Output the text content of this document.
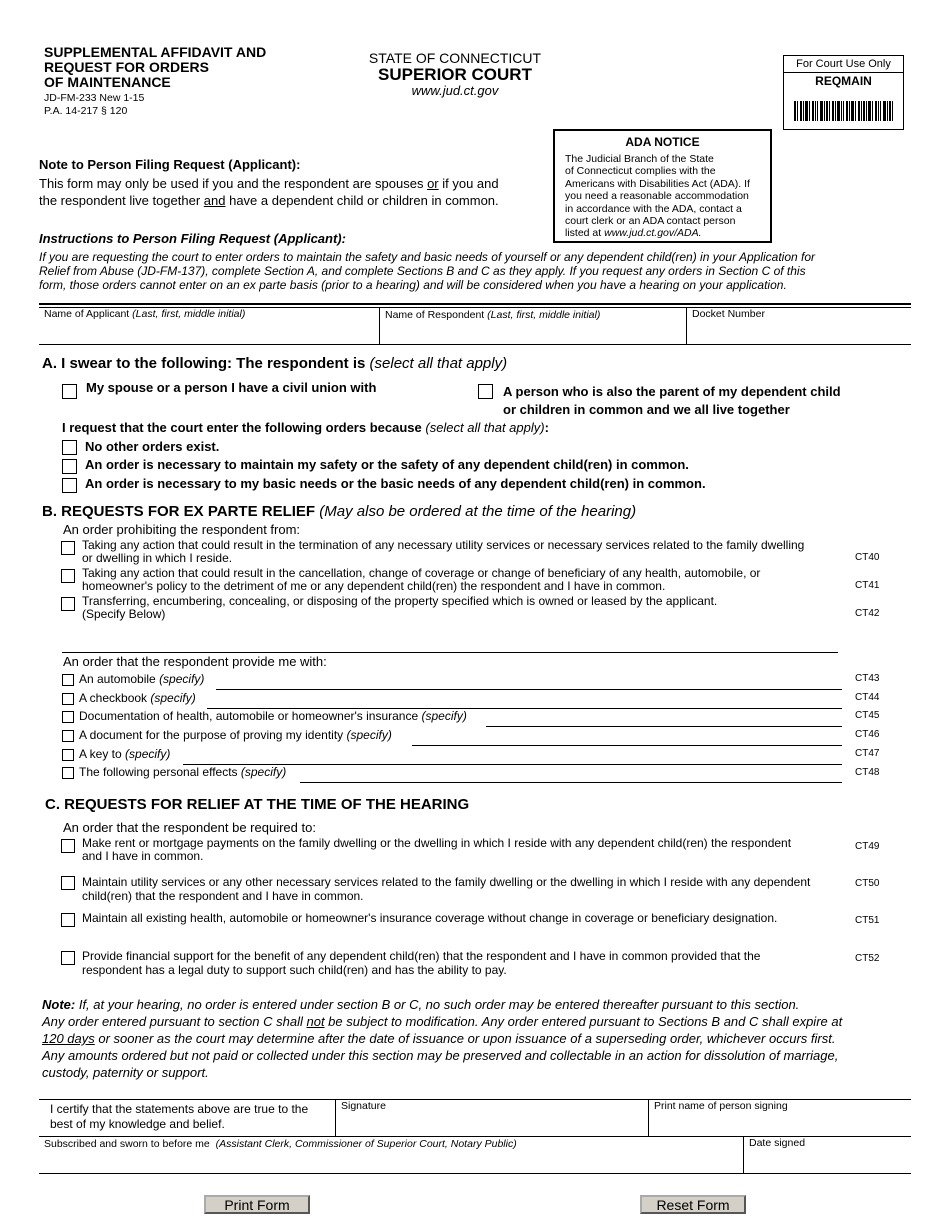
SUPPLEMENTAL AFFIDAVIT AND
REQUEST FOR ORDERS
OF MAINTENANCE
JD-FM-233 New 1-15
P.A. 14-217 § 120
STATE OF CONNECTICUT
SUPERIOR COURT
www.jud.ct.gov
For Court Use Only
REQMAIN
ADA NOTICE
The Judicial Branch of the State
of Connecticut complies with the
Americans with Disabilities Act (ADA). If
you need a reasonable accommodation
in accordance with the ADA, contact a
court clerk or an ADA contact person
listed at www.jud.ct.gov/ADA.
Note to Person Filing Request (Applicant):
This form may only be used if you and the respondent are spouses or if you and
the respondent live together and have a dependent child or children in common.
Instructions to Person Filing Request (Applicant):
If you are requesting the court to enter orders to maintain the safety and basic needs of yourself or any dependent child(ren) in your Application for
Relief from Abuse (JD-FM-137), complete Section A, and complete Sections B and C as they apply. If you request any orders in Section C of this
form, those orders cannot enter on an ex parte basis (prior to a hearing) and will be considered when you have a hearing on your application.
Name of Applicant (Last, first, middle initial)	Name of Respondent (Last, first, middle initial)	Docket Number
A. I swear to the following: The respondent is (select all that apply)
My spouse or a person I have a civil union with	A person who is also the parent of my dependent child
or children in common and we all live together
I request that the court enter the following orders because (select all that apply):
No other orders exist.
An order is necessary to maintain my safety or the safety of any dependent child(ren) in common.
An order is necessary to my basic needs or the basic needs of any dependent child(ren) in common.
B. REQUESTS FOR EX PARTE RELIEF (May also be ordered at the time of the hearing)
An order prohibiting the respondent from:
Taking any action that could result in the termination of any necessary utility services or necessary services related to the family dwelling
or dwelling in which I reside.	CT40
Taking any action that could result in the cancellation, change of coverage or change of beneficiary of any health, automobile, or
homeowner's policy to the detriment of me or any dependent child(ren) the respondent and I have in common.	CT41
Transferring, encumbering, concealing, or disposing of the property specified which is owned or leased by the applicant.
(Specify Below)	CT42
An order that the respondent provide me with:
An automobile (specify)	CT43
A checkbook (specify)	CT44
Documentation of health, automobile or homeowner's insurance (specify)	CT45
A document for the purpose of proving my identity (specify)	CT46
A key to (specify)	CT47
The following personal effects (specify)	CT48
C. REQUESTS FOR RELIEF AT THE TIME OF THE HEARING
An order that the respondent be required to:
Make rent or mortgage payments on the family dwelling or the dwelling in which I reside with any dependent child(ren) the respondent
and I have in common.
CT49
Maintain utility services or any other necessary services related to the family dwelling or the dwelling in which I reside with any dependent
child(ren) that the respondent and I have in common.
CT50
Maintain all existing health, automobile or homeowner's insurance coverage without change in coverage or beneficiary designation.	CT51
Provide financial support for the benefit of any dependent child(ren) that the respondent and I have in common provided that the
respondent has a legal duty to support such child(ren) and has the ability to pay.
CT52
Note: If, at your hearing, no order is entered under section B or C, no such order may be entered thereafter pursuant to this section.
Any order entered pursuant to section C shall not be subject to modification. Any order entered pursuant to Sections B and C shall expire at
120 days or sooner as the court may determine after the date of issuance or upon issuance of a superseding order, whichever occurs first.
Any amounts ordered but not paid or collected under this section may be preserved and collectable in an action for dissolution of marriage,
custody, paternity or support.
I certify that the statements above are true to the
best of my knowledge and belief.
Signature	Print name of person signing
Subscribed and sworn to before me (Assistant Clerk, Commissioner of Superior Court, Notary Public)	Date signed
Print Form	Reset Form
